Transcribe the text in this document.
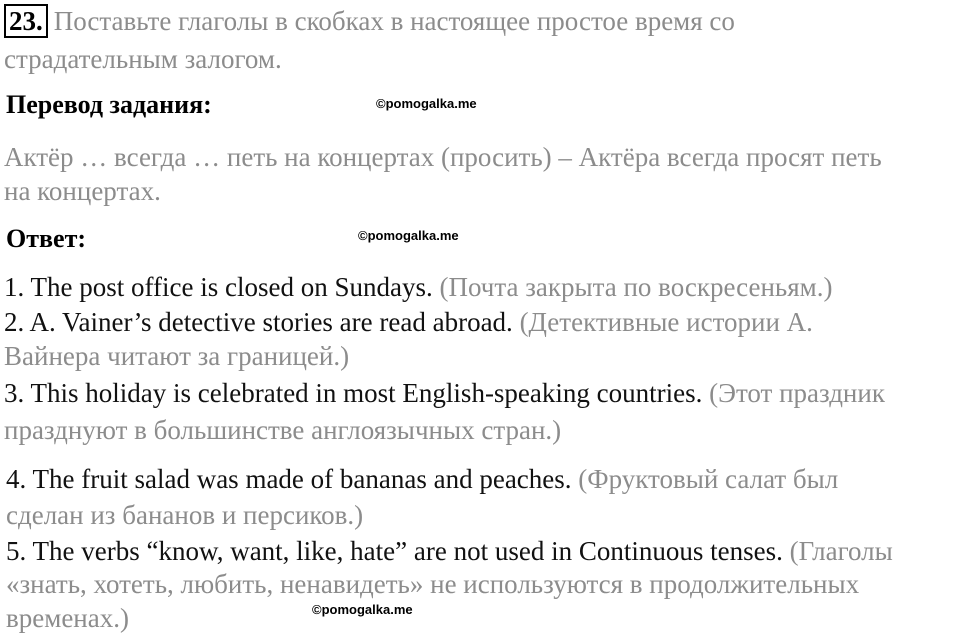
23. Поставьте глаголы в скобках в настоящее простое время со
страдательным залогом.
Перевод задания:	©pomogalka.me
Актёр … всегда … петь на концертах (просить) – Актёра всегда просят петь
на концертах.
Ответ:	©pomogalka.me
1. The post office is closed on Sundays. (Почта закрыта по воскресеньям.)
2. A. Vainer’s detective stories are read abroad. (Детективные истории А.
Вайнера читают за границей.)
3. This holiday is celebrated in most English-speaking countries. (Этот праздник
празднуют в большинстве англоязычных стран.)
4. The fruit salad was made of bananas and peaches. (Фруктовый салат был
сделан из бананов и персиков.)
5. The verbs “know, want, like, hate” are not used in Continuous tenses. (Глаголы
«знать, хотеть, любить, ненавидеть» не используются в продолжительных
временах.)	©pomogalka.me
